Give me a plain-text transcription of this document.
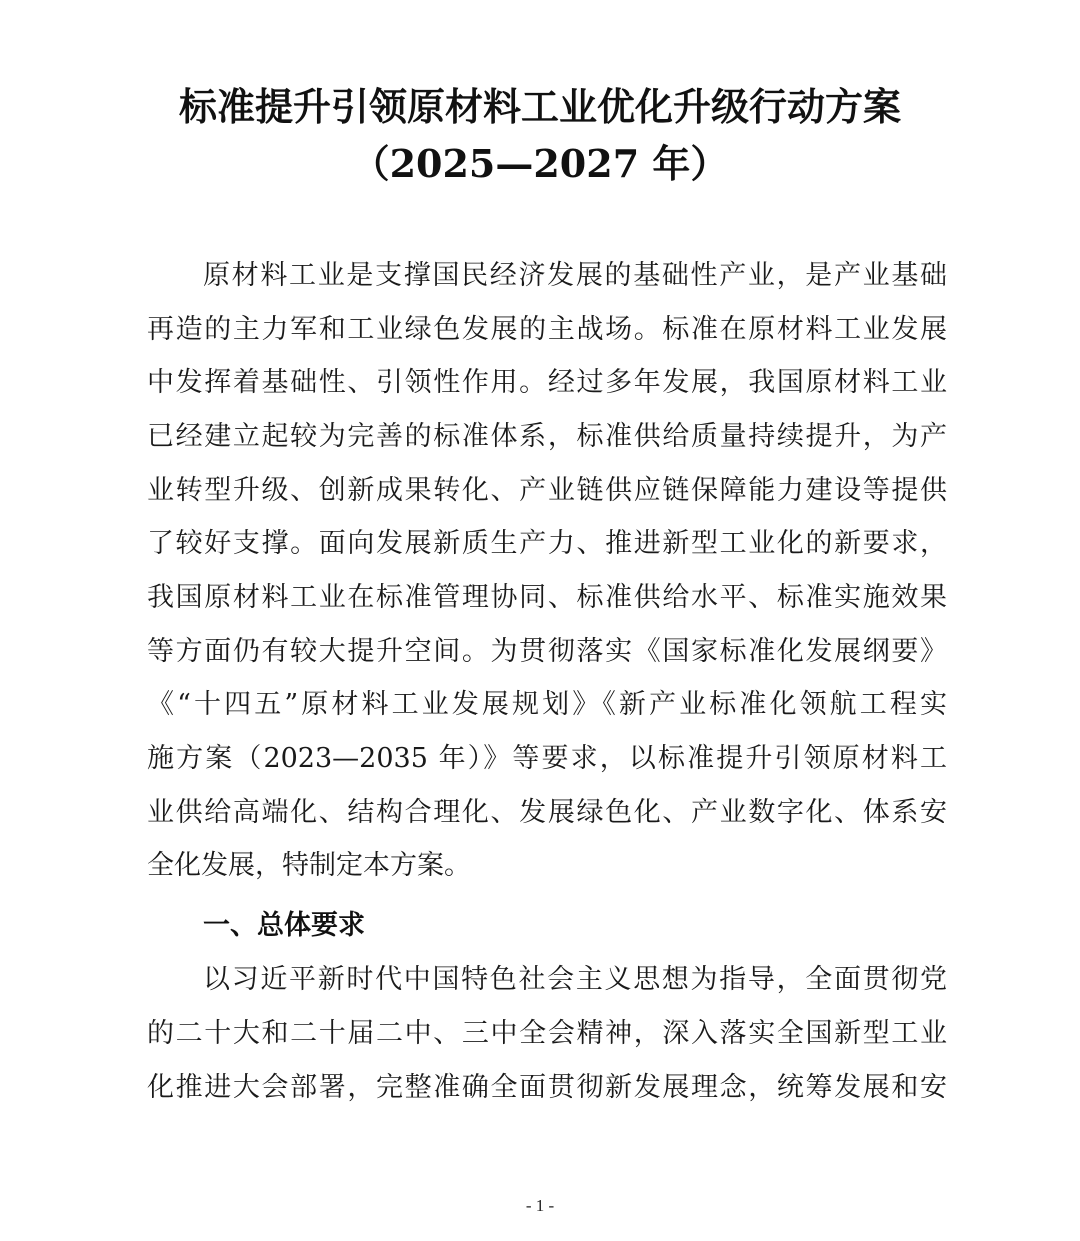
标准提升引领原材料工业优化升级行动方案
（2025—2027 年）
原材料工业是支撑国民经济发展的基础性产业，是产业基础
再造的主力军和工业绿色发展的主战场。标准在原材料工业发展
中发挥着基础性、引领性作用。经过多年发展，我国原材料工业
已经建立起较为完善的标准体系，标准供给质量持续提升，为产
业转型升级、创新成果转化、产业链供应链保障能力建设等提供
了较好支撑。面向发展新质生产力、推进新型工业化的新要求，
我国原材料工业在标准管理协同、标准供给水平、标准实施效果
等方面仍有较大提升空间。为贯彻落实《国家标准化发展纲要》
《“十四五”原材料工业发展规划》《新产业标准化领航工程实
施方案（2023—2035 年）》等要求，以标准提升引领原材料工
业供给高端化、结构合理化、发展绿色化、产业数字化、体系安
全化发展，特制定本方案。
一、总体要求
以习近平新时代中国特色社会主义思想为指导，全面贯彻党
的二十大和二十届二中、三中全会精神，深入落实全国新型工业
化推进大会部署，完整准确全面贯彻新发展理念，统筹发展和安
- 1 -
